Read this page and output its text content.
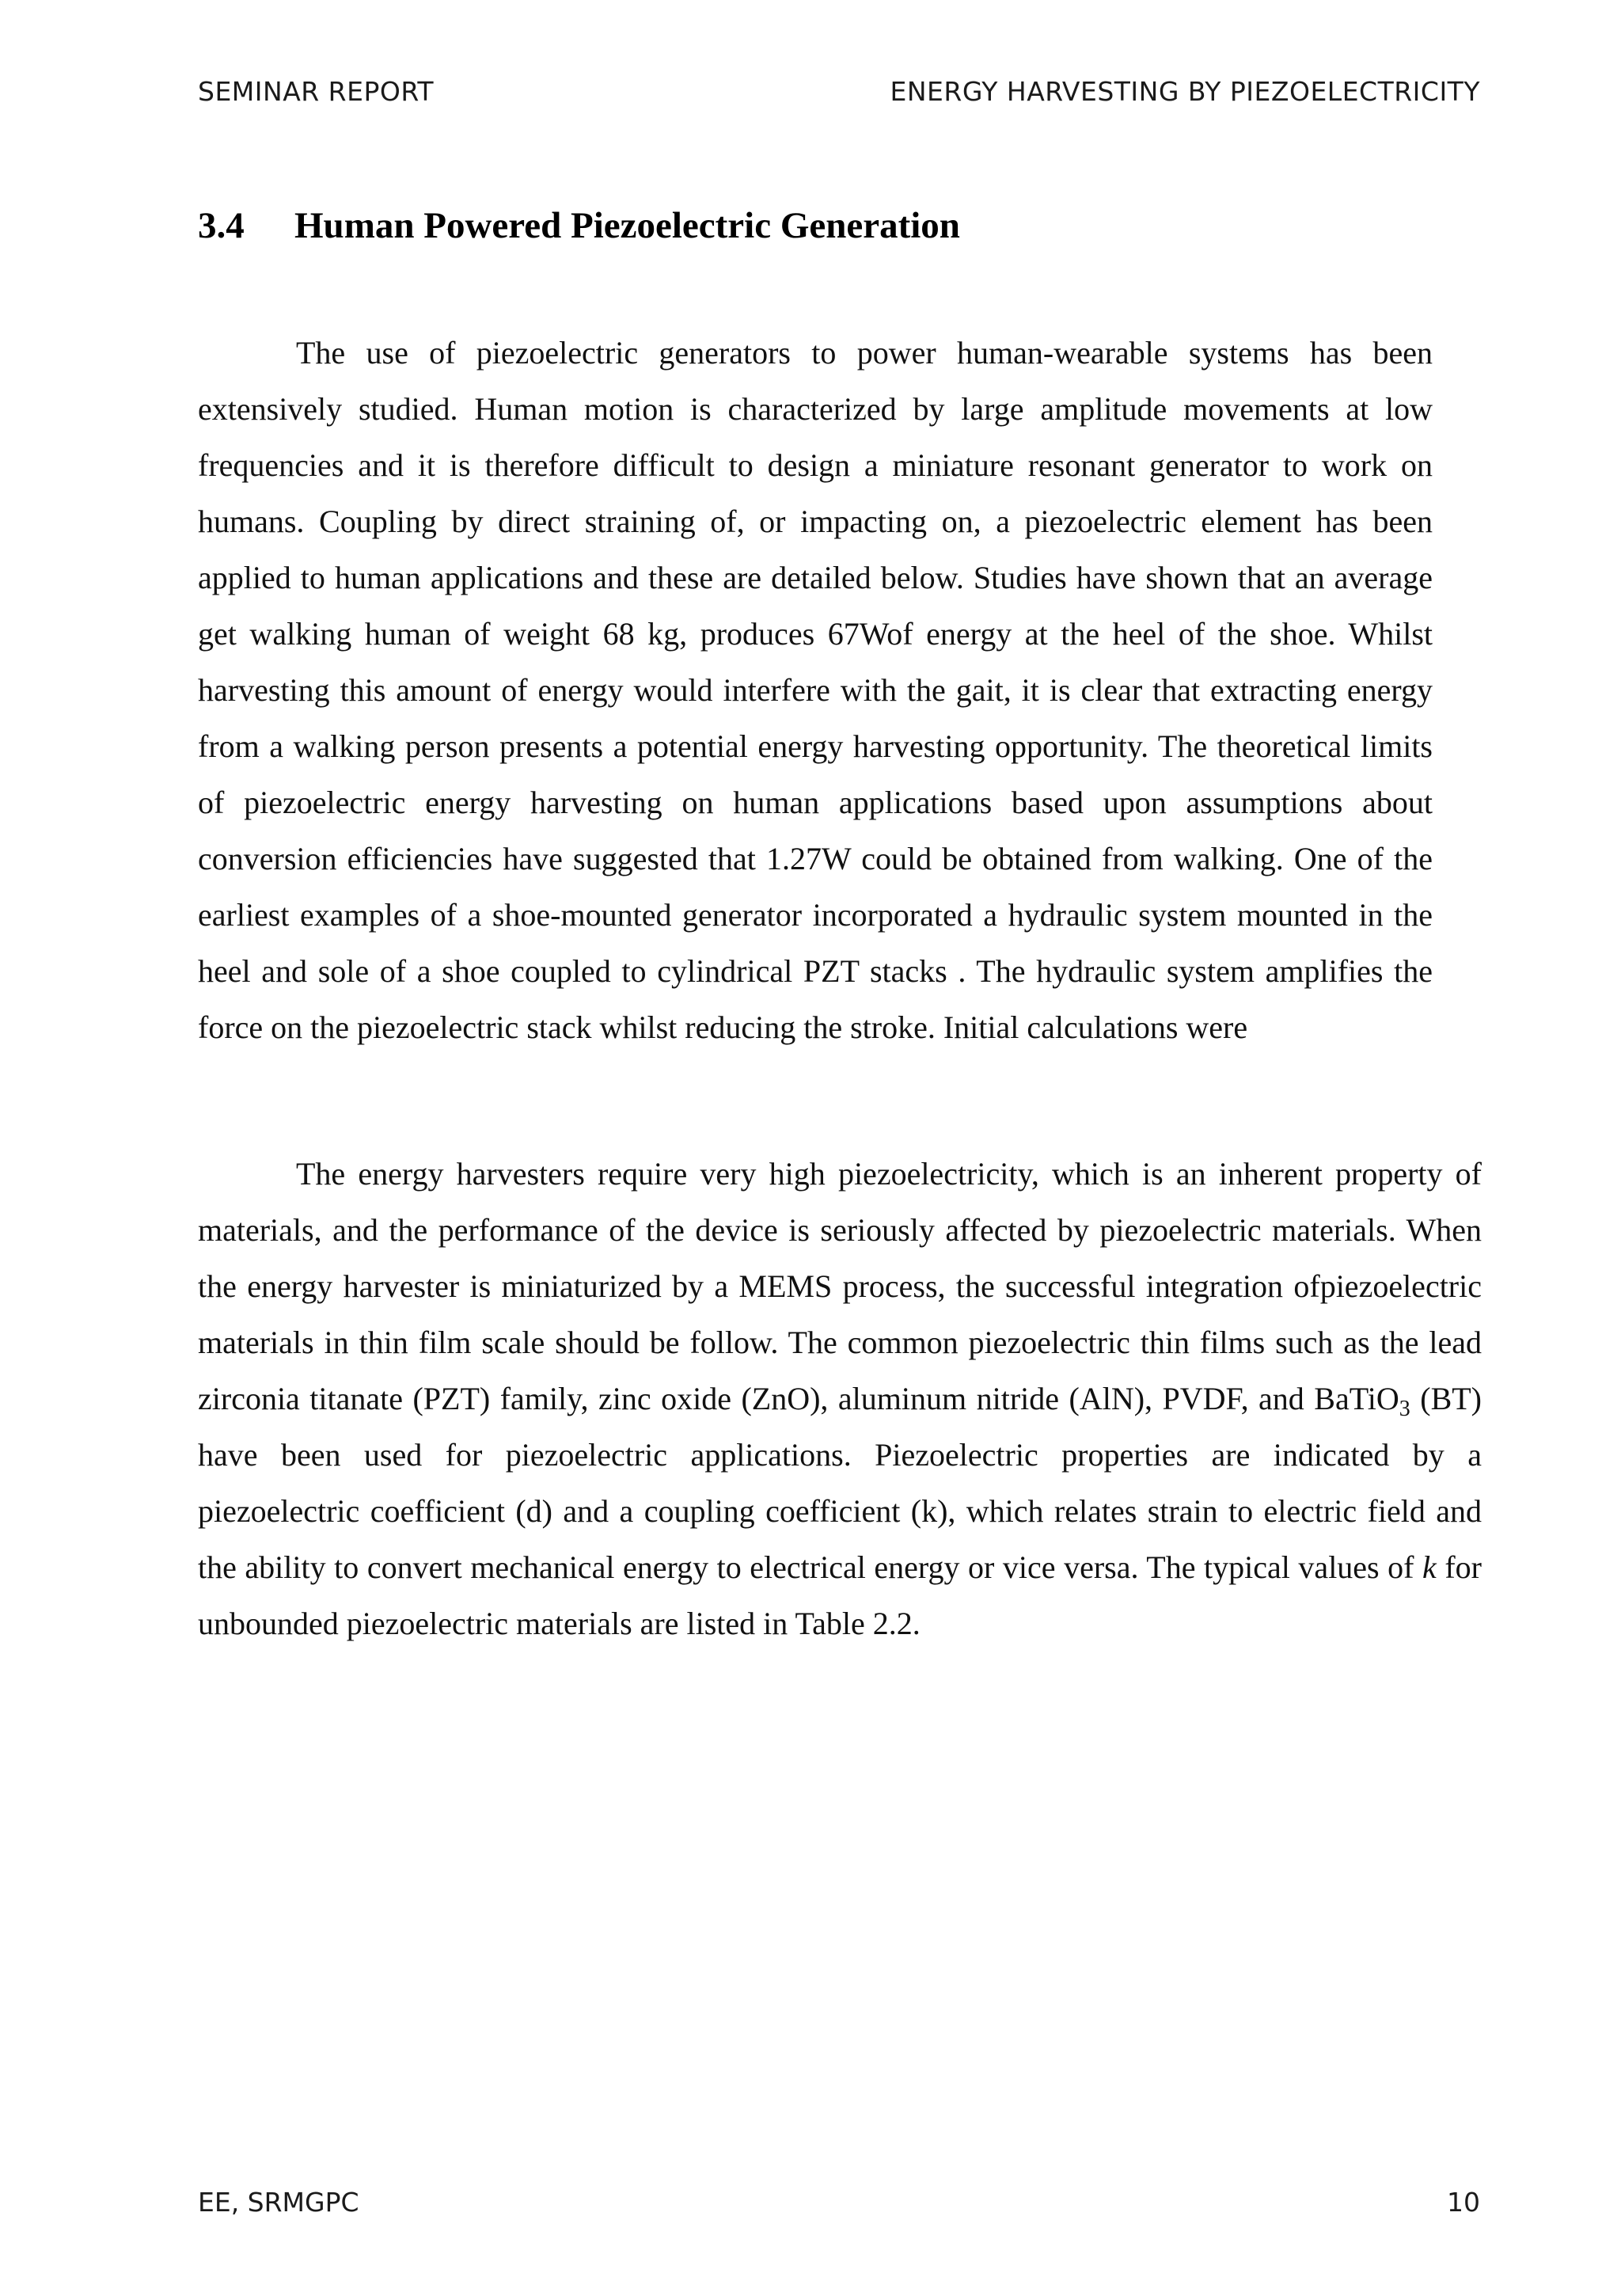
SEMINAR REPORT	ENERGY HARVESTING BY PIEZOELECTRICITY
3.4 Human Powered Piezoelectric Generation

The use of piezoelectric generators to power human-wearable systems has been extensively studied. Human motion is characterized by large amplitude movements at low frequencies and it is therefore difficult to design a miniature resonant generator to work on humans. Coupling by direct straining of, or impacting on, a piezoelectric element has been applied to human applications and these are detailed below. Studies have shown that an average get walking human of weight 68 kg, produces 67Wof energy at the heel of the shoe. Whilst harvesting this amount of energy would interfere with the gait, it is clear that extracting energy from a walking person presents a potential energy harvesting opportunity. The theoretical limits of piezoelectric energy harvesting on human applications based upon assumptions about conversion efficiencies have suggested that 1.27W could be obtained from walking. One of the earliest examples of a shoe-mounted generator incorporated a hydraulic system mounted in the heel and sole of a shoe coupled to cylindrical PZT stacks . The hydraulic system amplifies the force on the piezoelectric stack whilst reducing the stroke. Initial calculations were

The energy harvesters require very high piezoelectricity, which is an inherent property of materials, and the performance of the device is seriously affected by piezoelectric materials. When the energy harvester is miniaturized by a MEMS process, the successful integration ofpiezoelectric materials in thin film scale should be follow. The common piezoelectric thin films such as the lead zirconia titanate (PZT) family, zinc oxide (ZnO), aluminum nitride (AlN), PVDF, and BaTiO$_3$ (BT) have been used for piezoelectric applications. Piezoelectric properties are indicated by a piezoelectric coefficient (d) and a coupling coefficient (k), which relates strain to electric field and the ability to convert mechanical energy to electrical energy or vice versa. The typical values of k for unbounded piezoelectric materials are listed in Table 2.2.

EE, SRMGPC	10
